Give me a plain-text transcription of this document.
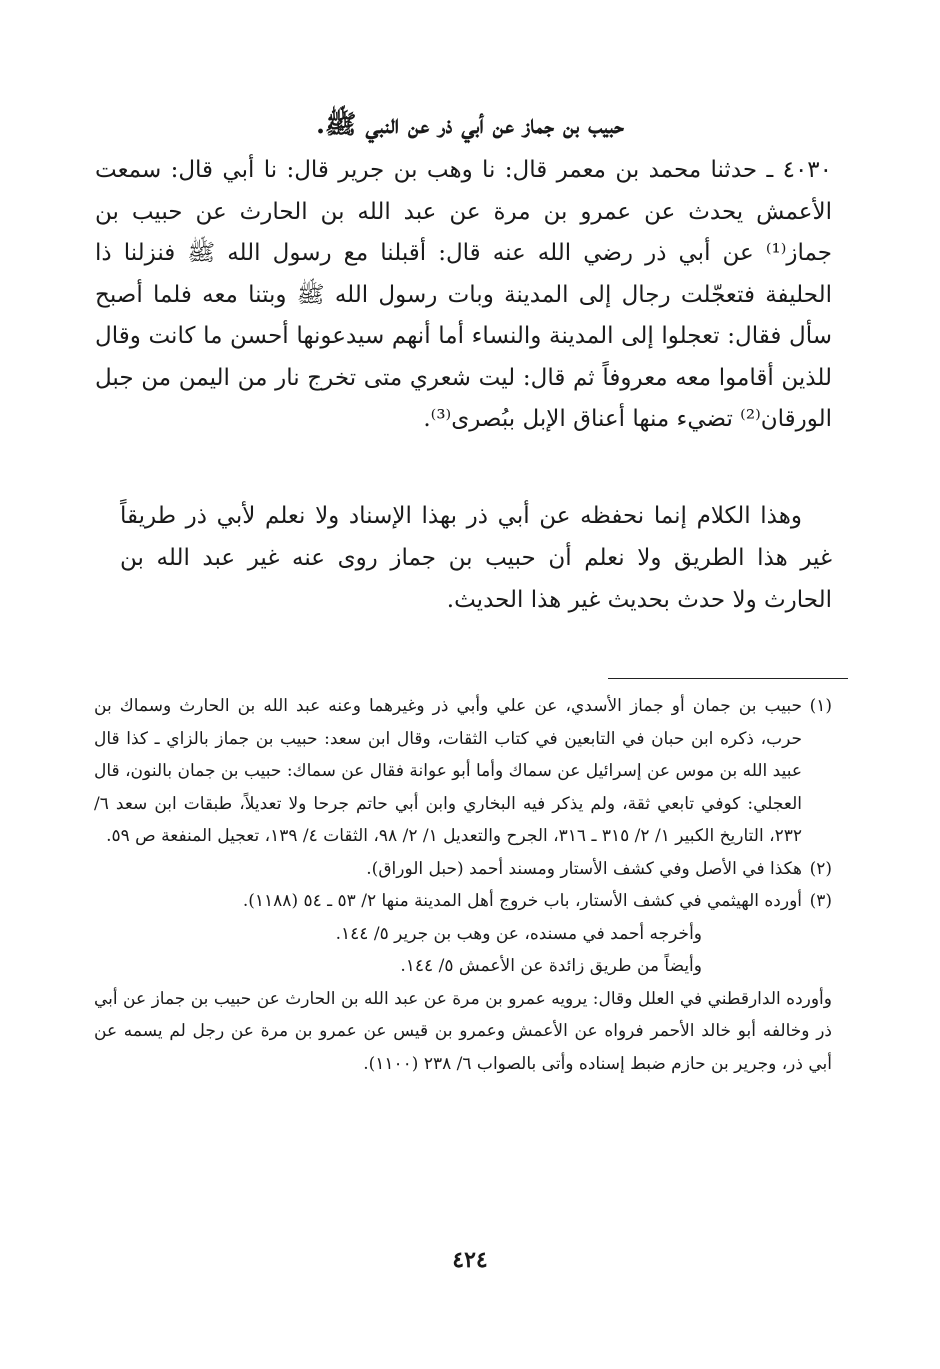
حبيب بن جماز عن أبي ذر عن النبي ﷺ.
٤٠٣٠ ـ حدثنا محمد بن معمر قال: نا وهب بن جرير قال: نا أبي قال: سمعت الأعمش يحدث عن عمرو بن مرة عن عبد الله بن الحارث عن حبيب بن جماز⁽¹⁾ عن أبي ذر رضي الله عنه قال: أقبلنا مع رسول الله ﷺ فنزلنا ذا الحليفة فتعجّلت رجال إلى المدينة وبات رسول الله ﷺ وبتنا معه فلما أصبح سأل فقال: تعجلوا إلى المدينة والنساء أما أنهم سيدعونها أحسن ما كانت وقال للذين أقاموا معه معروفاً ثم قال: ليت شعري متى تخرج نار من اليمن من جبل الورقان⁽²⁾ تضيء منها أعناق الإبل ببُصرى⁽³⁾.
وهذا الكلام إنما نحفظه عن أبي ذر بهذا الإسناد ولا نعلم لأبي ذر طريقاً غير هذا الطريق ولا نعلم أن حبيب بن جماز روى عنه غير عبد الله بن الحارث ولا حدث بحديث غير هذا الحديث.
(١)
حبيب بن جمان أو جماز الأسدي، عن علي وأبي ذر وغيرهما وعنه عبد الله بن الحارث وسماك بن حرب، ذكره ابن حبان في التابعين في كتاب الثقات، وقال ابن سعد: حبيب بن جماز بالزاي ـ كذا قال عبيد الله بن موس عن إسرائيل عن سماك وأما أبو عوانة فقال عن سماك: حبيب بن جمان بالنون، قال العجلي: كوفي تابعي ثقة، ولم يذكر فيه البخاري وابن أبي حاتم جرحا ولا تعديلاً، طبقات ابن سعد ٦/ ٢٣٢، التاريخ الكبير ١/ ٢/ ٣١٥ ـ ٣١٦، الجرح والتعديل ١/ ٢/ ٩٨، الثقات ٤/ ١٣٩، تعجيل المنفعة ص ٥٩.
(٢)
هكذا في الأصل وفي كشف الأستار ومسند أحمد (حبل الوراق).
(٣)
أورده الهيثمي في كشف الأستار، باب خروج أهل المدينة منها ٢/ ٥٣ ـ ٥٤ (١١٨٨).
وأخرجه أحمد في مسنده، عن وهب بن جرير ٥/ ١٤٤.
وأيضاً من طريق زائدة عن الأعمش ٥/ ١٤٤.
وأورده الدارقطني في العلل وقال: يرويه عمرو بن مرة عن عبد الله بن الحارث عن حبيب بن جماز عن أبي ذر وخالفه أبو خالد الأحمر فرواه عن الأعمش وعمرو بن قيس عن عمرو بن مرة عن رجل لم يسمه عن أبي ذر، وجرير بن حازم ضبط إسناده وأتى بالصواب ٦/ ٢٣٨ (١١٠٠).
٤٢٤
